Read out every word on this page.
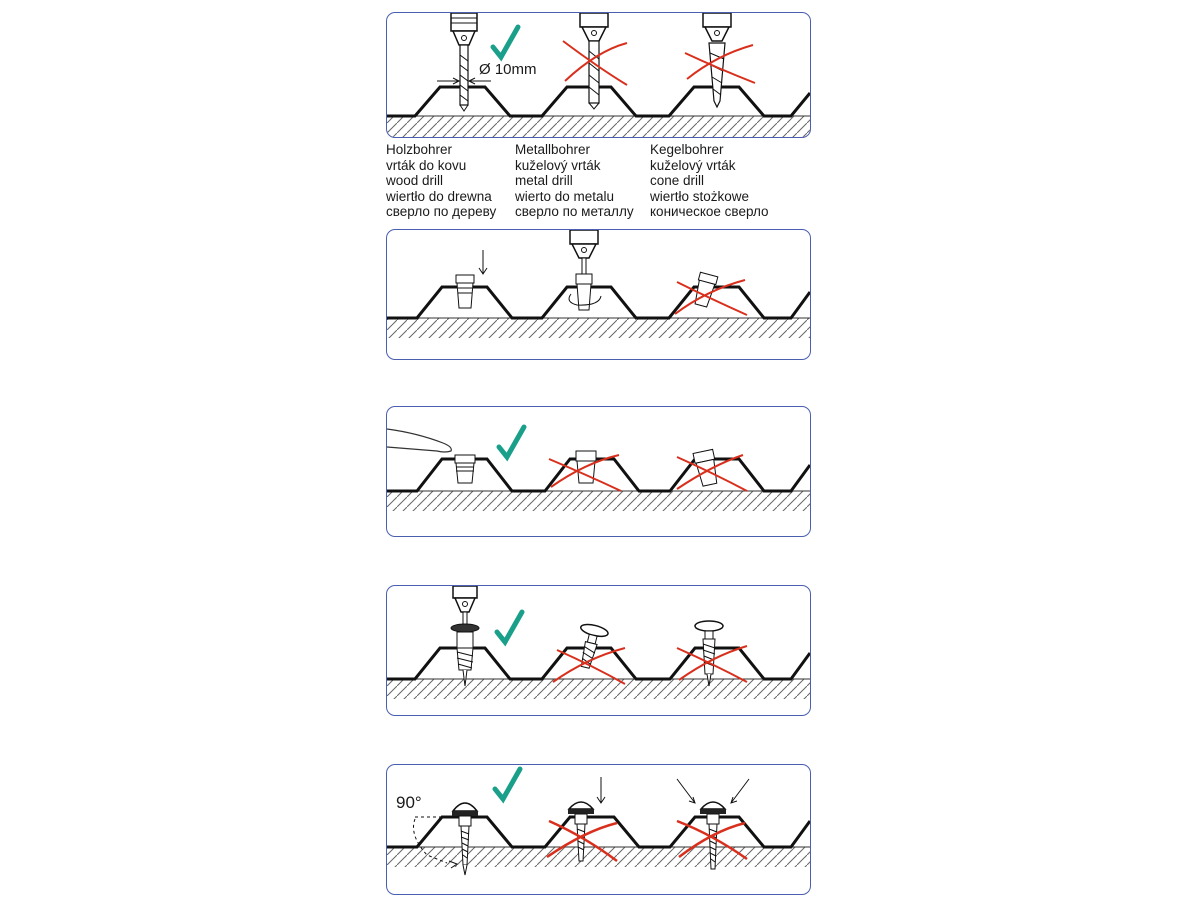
Ø 10mm
Holzbohrer
vrták do kovu
wood drill
wiertło do drewna
сверло по дереву
Metallbohrer
kuželový vrták
metal drill
wierto do metalu
сверло по металлу
Kegelbohrer
kuželový vrták
cone drill
wiertło stożkowe
коническое сверло
90°
